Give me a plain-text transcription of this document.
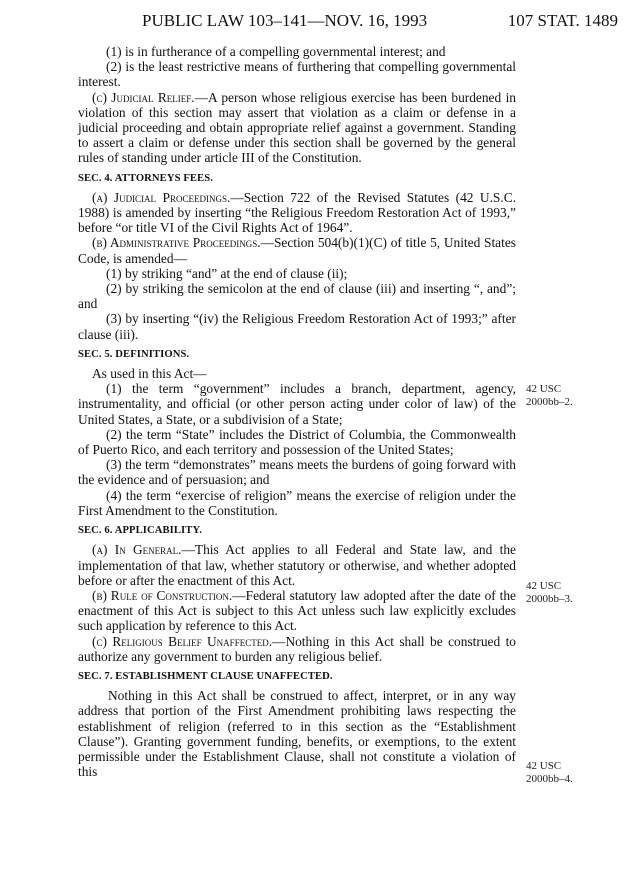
PUBLIC LAW 103–141—NOV. 16, 1993	107 STAT. 1489

(1) is in furtherance of a compelling governmental interest; and

(2) is the least restrictive means of furthering that compelling governmental interest.

(c) Judicial Relief.—A person whose religious exercise has been burdened in violation of this section may assert that violation as a claim or defense in a judicial proceeding and obtain appropriate relief against a government. Standing to assert a claim or defense under this section shall be governed by the general rules of standing under article III of the Constitution.

SEC. 4. ATTORNEYS FEES.

(a) Judicial Proceedings.—Section 722 of the Revised Statutes (42 U.S.C. 1988) is amended by inserting “the Religious Freedom Restoration Act of 1993,” before “or title VI of the Civil Rights Act of 1964”.

(b) Administrative Proceedings.—Section 504(b)(1)(C) of title 5, United States Code, is amended—

(1) by striking “and” at the end of clause (ii);

(2) by striking the semicolon at the end of clause (iii) and inserting “, and”; and

(3) by inserting “(iv) the Religious Freedom Restoration Act of 1993;” after clause (iii).

SEC. 5. DEFINITIONS.

As used in this Act—

(1) the term “government” includes a branch, department, agency, instrumentality, and official (or other person acting under color of law) of the United States, a State, or a subdivision of a State;

(2) the term “State” includes the District of Columbia, the Commonwealth of Puerto Rico, and each territory and possession of the United States;

(3) the term “demonstrates” means meets the burdens of going forward with the evidence and of persuasion; and

(4) the term “exercise of religion” means the exercise of religion under the First Amendment to the Constitution.

SEC. 6. APPLICABILITY.

(a) In General.—This Act applies to all Federal and State law, and the implementation of that law, whether statutory or otherwise, and whether adopted before or after the enactment of this Act.

(b) Rule of Construction.—Federal statutory law adopted after the date of the enactment of this Act is subject to this Act unless such law explicitly excludes such application by reference to this Act.

(c) Religious Belief Unaffected.—Nothing in this Act shall be construed to authorize any government to burden any religious belief.

SEC. 7. ESTABLISHMENT CLAUSE UNAFFECTED.

Nothing in this Act shall be construed to affect, interpret, or in any way address that portion of the First Amendment prohibiting laws respecting the establishment of religion (referred to in this section as the “Establishment Clause”). Granting government funding, benefits, or exemptions, to the extent permissible under the Establishment Clause, shall not constitute a violation of this

42 USC
2000bb–2.
42 USC
2000bb–3.
42 USC
2000bb–4.
